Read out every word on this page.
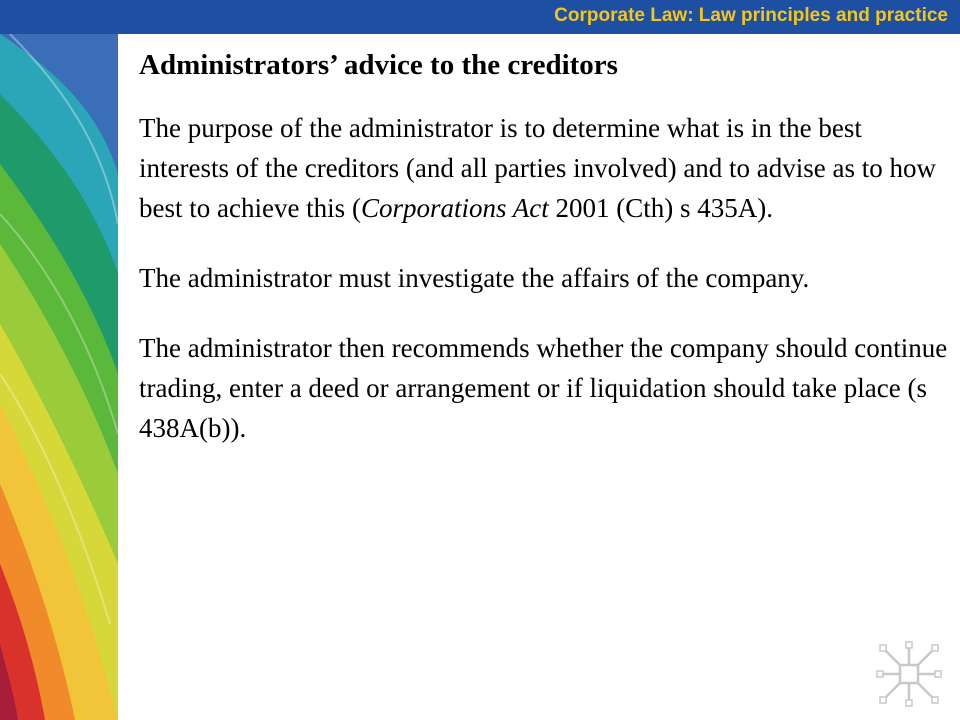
Corporate Law: Law principles and practice
Administrators’ advice to the creditors

The purpose of the administrator is to determine what is in the best interests of the creditors (and all parties involved) and to advise as to how best to achieve this (Corporations Act 2001 (Cth) s 435A).

The administrator must investigate the affairs of the company.

The administrator then recommends whether the company should continue trading, enter a deed or arrangement or if liquidation should take place (s 438A(b)).
